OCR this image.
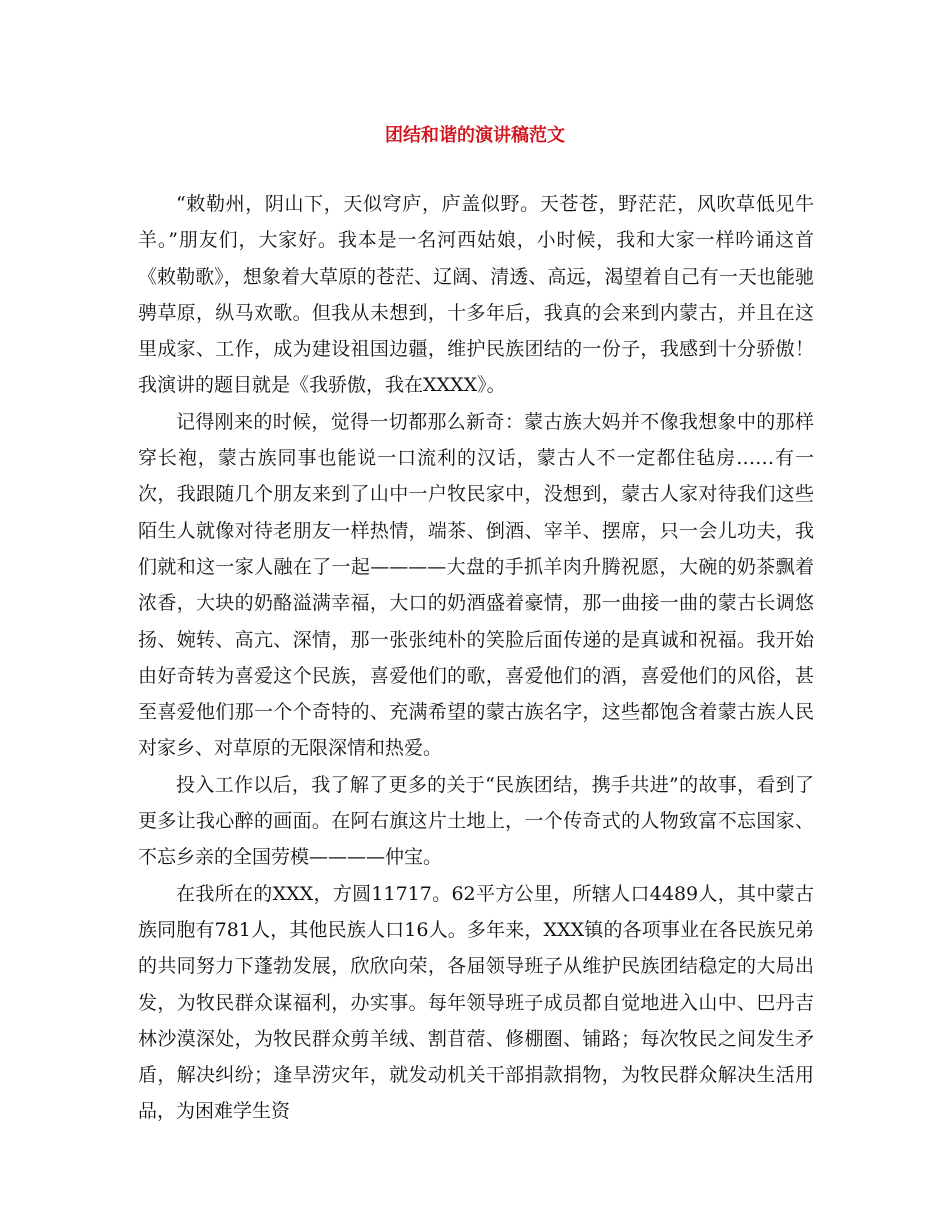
团结和谐的演讲稿范文

“敕勒州，阴山下，天似穹庐，庐盖似野。天苍苍，野茫茫，风吹草低见牛羊。”朋友们，大家好。我本是一名河西姑娘，小时候，我和大家一样吟诵这首《敕勒歌》，想象着大草原的苍茫、辽阔、清透、高远，渴望着自己有一天也能驰骋草原，纵马欢歌。但我从未想到，十多年后，我真的会来到内蒙古，并且在这里成家、工作，成为建设祖国边疆，维护民族团结的一份子，我感到十分骄傲！我演讲的题目就是《我骄傲，我在XXXX》。

记得刚来的时候，觉得一切都那么新奇：蒙古族大妈并不像我想象中的那样穿长袍，蒙古族同事也能说一口流利的汉话，蒙古人不一定都住毡房……有一次，我跟随几个朋友来到了山中一户牧民家中，没想到，蒙古人家对待我们这些陌生人就像对待老朋友一样热情，端茶、倒酒、宰羊、摆席，只一会儿功夫，我们就和这一家人融在了一起————大盘的手抓羊肉升腾祝愿，大碗的奶茶飘着浓香，大块的奶酪溢满幸福，大口的奶酒盛着豪情，那一曲接一曲的蒙古长调悠扬、婉转、高亢、深情，那一张张纯朴的笑脸后面传递的是真诚和祝福。我开始由好奇转为喜爱这个民族，喜爱他们的歌，喜爱他们的酒，喜爱他们的风俗，甚至喜爱他们那一个个奇特的、充满希望的蒙古族名字，这些都饱含着蒙古族人民对家乡、对草原的无限深情和热爱。

投入工作以后，我了解了更多的关于“民族团结，携手共进”的故事，看到了更多让我心醉的画面。在阿右旗这片土地上，一个传奇式的人物致富不忘国家、不忘乡亲的全国劳模————仲宝。

在我所在的XXX，方圆11717。62平方公里，所辖人口4489人，其中蒙古族同胞有781人，其他民族人口16人。多年来，XXX镇的各项事业在各民族兄弟的共同努力下蓬勃发展，欣欣向荣，各届领导班子从维护民族团结稳定的大局出发，为牧民群众谋福利，办实事。每年领导班子成员都自觉地进入山中、巴丹吉林沙漠深处，为牧民群众剪羊绒、割苜蓿、修棚圈、铺路；每次牧民之间发生矛盾，解决纠纷；逢旱涝灾年，就发动机关干部捐款捐物，为牧民群众解决生活用品，为困难学生资
